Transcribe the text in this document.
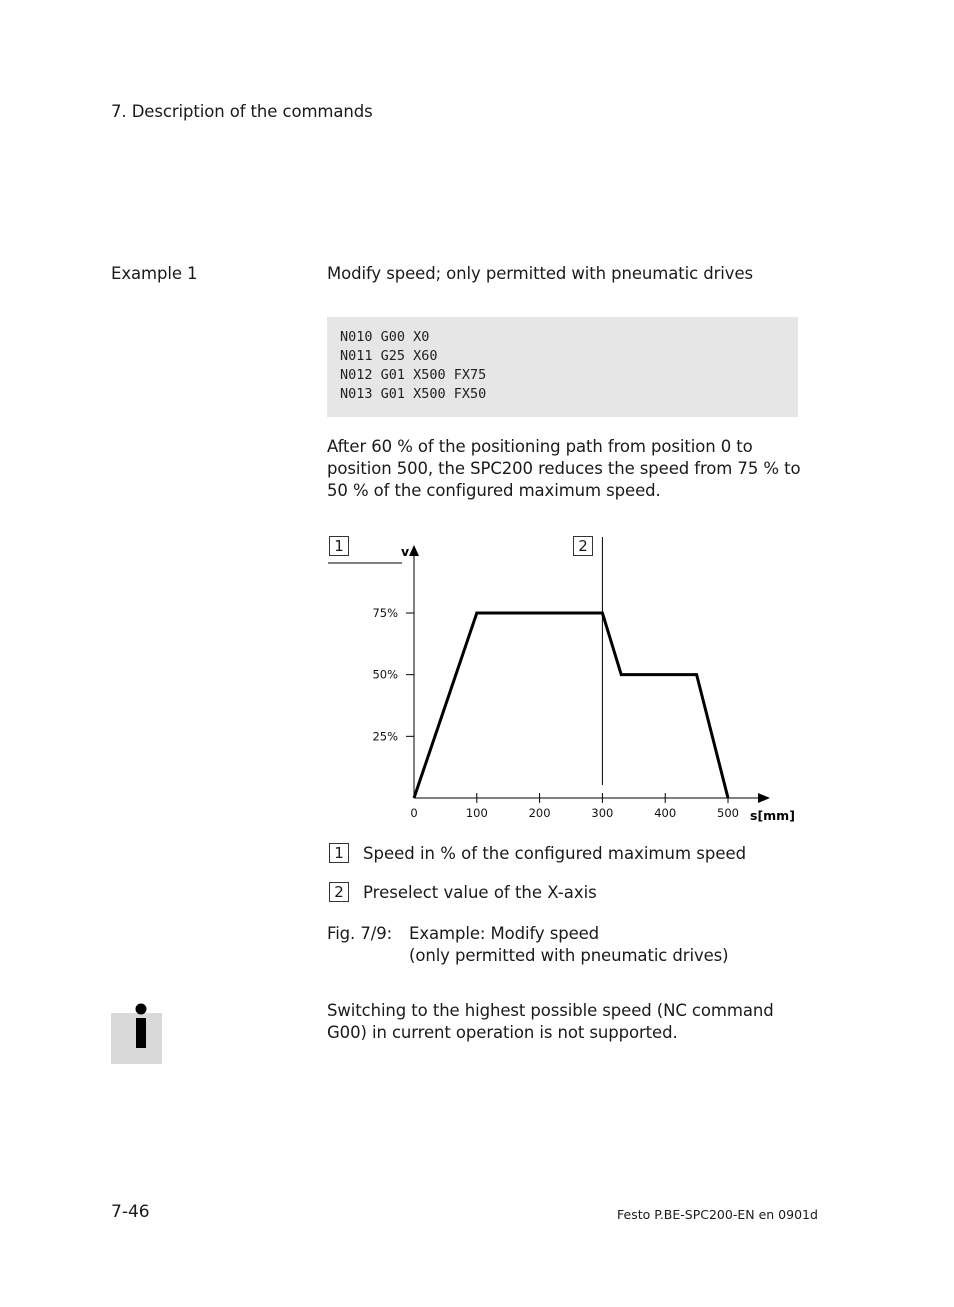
7. Description of the commands
Example 1	Modify speed; only permitted with pneumatic drives
N010 G00 X0
N011 G25 X60
N012 G01 X500 FX75
N013 G01 X500 FX50
After 60 % of the positioning path from position 0 to position 500, the SPC200 reduces the speed from 75 % to 50 % of the configured maximum speed.
v
s[mm]
25%
50%
75%
0	100	200	300	400	500
1	2
1	Speed in % of the configured maximum speed
2	Preselect value of the X-axis
Fig. 7/9: Example: Modify speed
(only permitted with pneumatic drives)
Switching to the highest possible speed (NC command G00) in current operation is not supported.
7-46	Festo P.BE-SPC200-EN en 0901d
